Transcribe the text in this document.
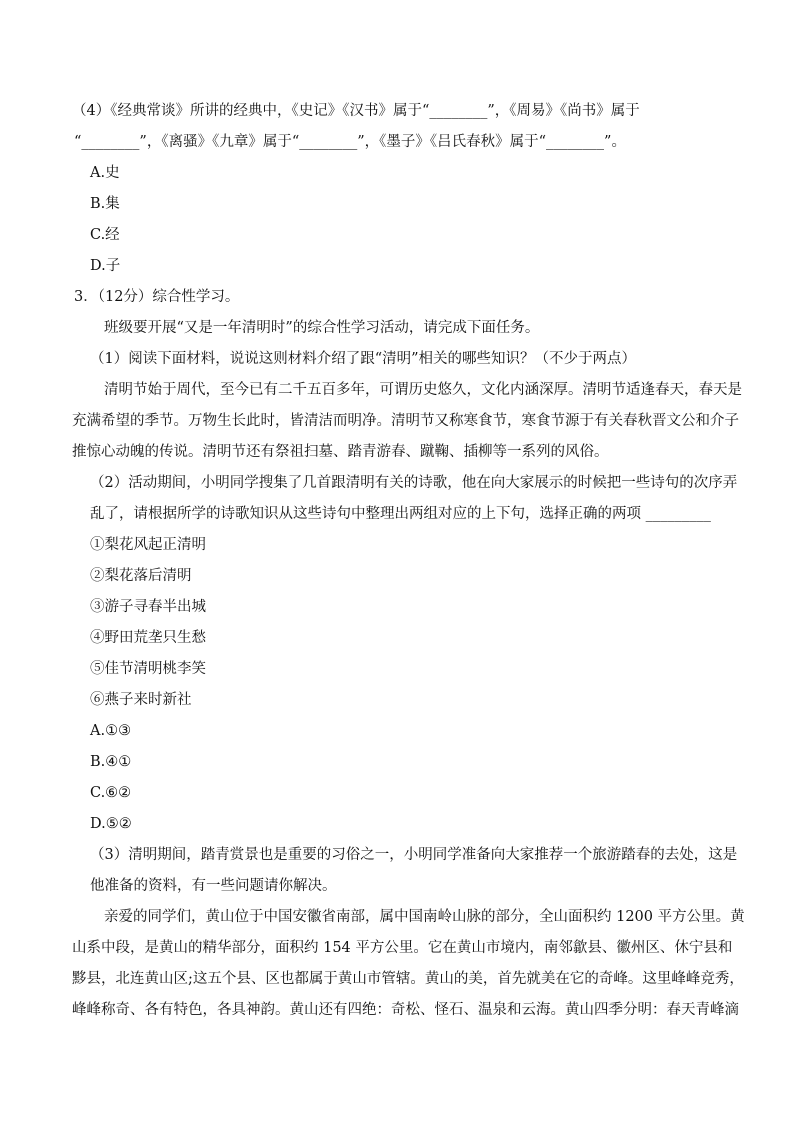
（4）《经典常谈》所讲的经典中，《史记》《汉书》属于“________”，《周易》《尚书》属于
“________”，《离骚》《九章》属于“________”，《墨子》《吕氏春秋》属于“________”。
A.史
B.集
C.经
D.子
3．（12分）综合性学习。
班级要开展“又是一年清明时”的综合性学习活动，请完成下面任务。
（1）阅读下面材料，说说这则材料介绍了跟“清明”相关的哪些知识？（不少于两点）
清明节始于周代，至今已有二千五百多年，可谓历史悠久，文化内涵深厚。清明节适逢春天，春天是
充满希望的季节。万物生长此时，皆清洁而明净。清明节又称寒食节，寒食节源于有关春秋晋文公和介子
推惊心动魄的传说。清明节还有祭祖扫墓、踏青游春、蹴鞠、插柳等一系列的风俗。
（2）活动期间，小明同学搜集了几首跟清明有关的诗歌，他在向大家展示的时候把一些诗句的次序弄
乱了，请根据所学的诗歌知识从这些诗句中整理出两组对应的上下句，选择正确的两项 _________
①梨花风起正清明
②梨花落后清明
③游子寻春半出城
④野田荒垄只生愁
⑤佳节清明桃李笑
⑥燕子来时新社
A.①③
B.④①
C.⑥②
D.⑤②
（3）清明期间，踏青赏景也是重要的习俗之一，小明同学准备向大家推荐一个旅游踏春的去处，这是
他准备的资料，有一些问题请你解决。
亲爱的同学们，黄山位于中国安徽省南部，属中国南岭山脉的部分，全山面积约 1200 平方公里。黄
山系中段，是黄山的精华部分，面积约 154 平方公里。它在黄山市境内，南邻歙县、徽州区、休宁县和
黟县，北连黄山区;这五个县、区也都属于黄山市管辖。黄山的美，首先就美在它的奇峰。这里峰峰竞秀，
峰峰称奇、各有特色，各具神韵。黄山还有四绝：奇松、怪石、温泉和云海。黄山四季分明：春天青峰滴
